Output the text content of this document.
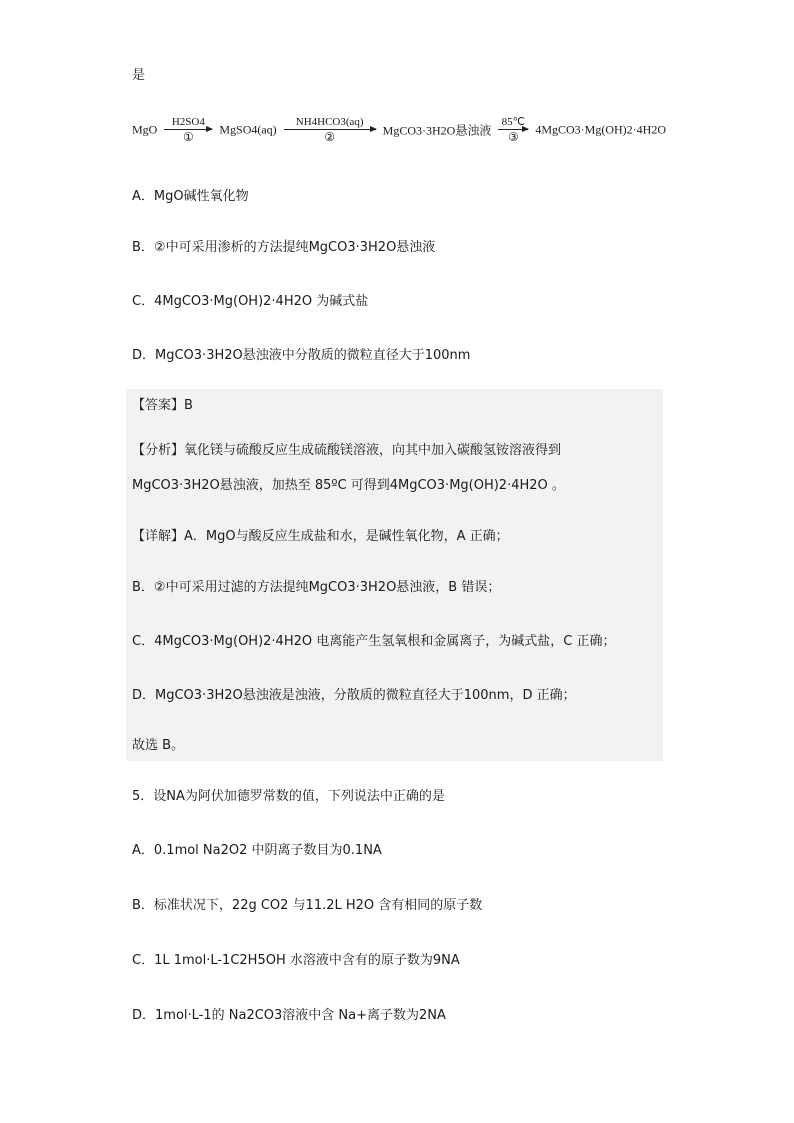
是
MgO
H2SO4
①
MgSO4(aq)
NH4HCO3(aq)
②	MgCO3·3H2O悬浊液
85℃
③
4MgCO3·Mg(OH)2·4H2O
A．MgO碱性氧化物
B．②中可采用渗析的方法提纯MgCO3·3H2O悬浊液
C．4MgCO3·Mg(OH)2·4H2O 为碱式盐
D．MgCO3·3H2O悬浊液中分散质的微粒直径大于100nm
【答案】B
【分析】氧化镁与硫酸反应生成硫酸镁溶液，向其中加入碳酸氢铵溶液得到
MgCO3·3H2O悬浊液，加热至 85ºC 可得到4MgCO3·Mg(OH)2·4H2O 。
【详解】A．MgO与酸反应生成盐和水，是碱性氧化物，A 正确；
B．②中可采用过滤的方法提纯MgCO3·3H2O悬浊液，B 错误；
C．4MgCO3·Mg(OH)2·4H2O 电离能产生氢氧根和金属离子，为碱式盐，C 正确；
D．MgCO3·3H2O悬浊液是浊液，分散质的微粒直径大于100nm，D 正确；
故选 B。
5．设NA为阿伏加德罗常数的值，下列说法中正确的是
A．0.1mol Na2O2 中阴离子数目为0.1NA
B．标准状况下，22g CO2 与11.2L H2O 含有相同的原子数
C．1L 1mol·L-1C2H5OH 水溶液中含有的原子数为9NA
D．1mol·L-1的 Na2CO3溶液中含 Na+离子数为2NA
